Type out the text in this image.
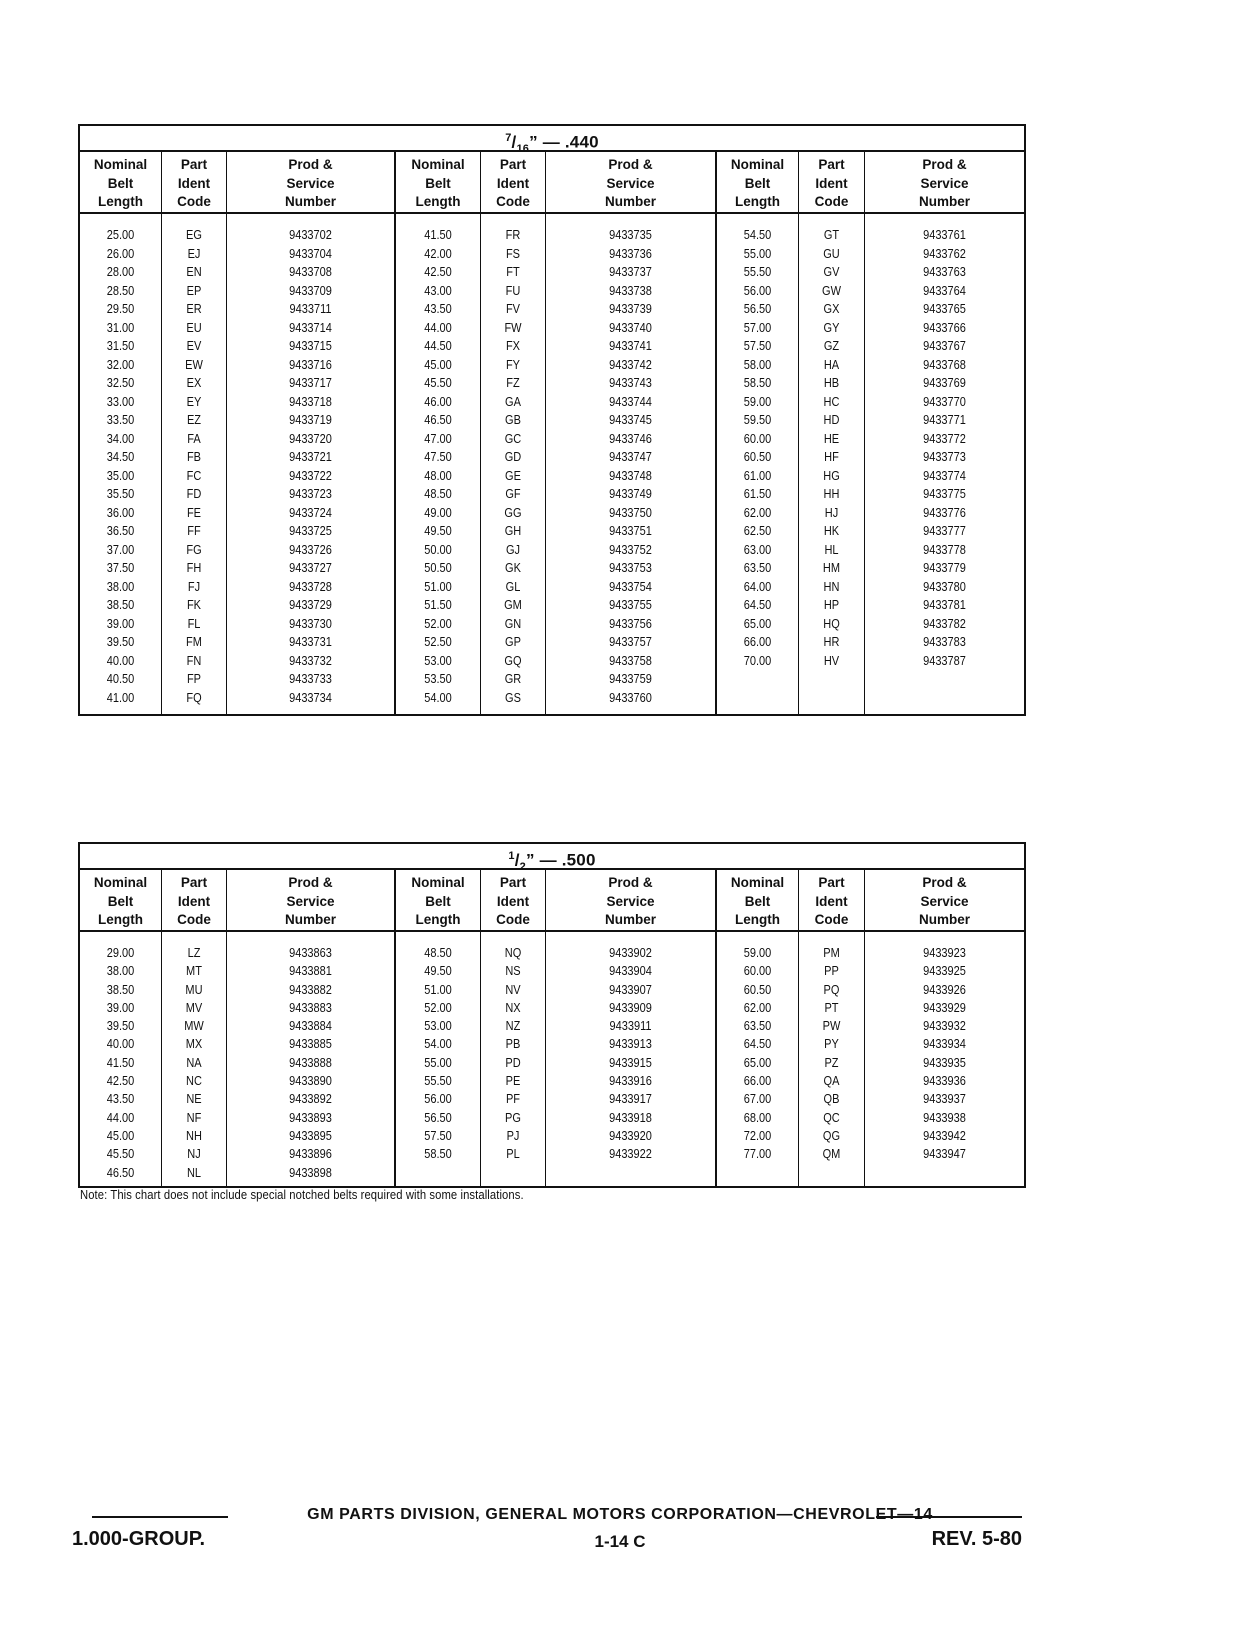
$^7/_{16}$” — .440
Nominal
Belt
Length
25.00
26.00
28.00
28.50
29.50
31.00
31.50
32.00
32.50
33.00
33.50
34.00
34.50
35.00
35.50
36.00
36.50
37.00
37.50
38.00
38.50
39.00
39.50
40.00
40.50
41.00
Part
Ident
Code
EG
EJ
EN
EP
ER
EU
EV
EW
EX
EY
EZ
FA
FB
FC
FD
FE
FF
FG
FH
FJ
FK
FL
FM
FN
FP
FQ
Prod &
Service
Number
9433702
9433704
9433708
9433709
9433711
9433714
9433715
9433716
9433717
9433718
9433719
9433720
9433721
9433722
9433723
9433724
9433725
9433726
9433727
9433728
9433729
9433730
9433731
9433732
9433733
9433734
Nominal
Belt
Length
41.50
42.00
42.50
43.00
43.50
44.00
44.50
45.00
45.50
46.00
46.50
47.00
47.50
48.00
48.50
49.00
49.50
50.00
50.50
51.00
51.50
52.00
52.50
53.00
53.50
54.00
Part
Ident
Code
FR
FS
FT
FU
FV
FW
FX
FY
FZ
GA
GB
GC
GD
GE
GF
GG
GH
GJ
GK
GL
GM
GN
GP
GQ
GR
GS
Prod &
Service
Number
9433735
9433736
9433737
9433738
9433739
9433740
9433741
9433742
9433743
9433744
9433745
9433746
9433747
9433748
9433749
9433750
9433751
9433752
9433753
9433754
9433755
9433756
9433757
9433758
9433759
9433760
Nominal
Belt
Length
54.50
55.00
55.50
56.00
56.50
57.00
57.50
58.00
58.50
59.00
59.50
60.00
60.50
61.00
61.50
62.00
62.50
63.00
63.50
64.00
64.50
65.00
66.00
70.00
Part
Ident
Code
GT
GU
GV
GW
GX
GY
GZ
HA
HB
HC
HD
HE
HF
HG
HH
HJ
HK
HL
HM
HN
HP
HQ
HR
HV
Prod &
Service
Number
9433761
9433762
9433763
9433764
9433765
9433766
9433767
9433768
9433769
9433770
9433771
9433772
9433773
9433774
9433775
9433776
9433777
9433778
9433779
9433780
9433781
9433782
9433783
9433787
$^1/_2$” — .500
Nominal
Belt
Length
29.00
38.00
38.50
39.00
39.50
40.00
41.50
42.50
43.50
44.00
45.00
45.50
46.50
Part
Ident
Code
LZ
MT
MU
MV
MW
MX
NA
NC
NE
NF
NH
NJ
NL
Prod &
Service
Number
9433863
9433881
9433882
9433883
9433884
9433885
9433888
9433890
9433892
9433893
9433895
9433896
9433898
Nominal
Belt
Length
48.50
49.50
51.00
52.00
53.00
54.00
55.00
55.50
56.00
56.50
57.50
58.50
Part
Ident
Code
NQ
NS
NV
NX
NZ
PB
PD
PE
PF
PG
PJ
PL
Prod &
Service
Number
9433902
9433904
9433907
9433909
9433911
9433913
9433915
9433916
9433917
9433918
9433920
9433922
Nominal
Belt
Length
59.00
60.00
60.50
62.00
63.50
64.50
65.00
66.00
67.00
68.00
72.00
77.00
Part
Ident
Code
PM
PP
PQ
PT
PW
PY
PZ
QA
QB
QC
QG
QM
Prod &
Service
Number
9433923
9433925
9433926
9433929
9433932
9433934
9433935
9433936
9433937
9433938
9433942
9433947
Note: This chart does not include special notched belts required with some installations.
GM PARTS DIVISION, GENERAL MOTORS CORPORATION—CHEVROLET—14
1.000-GROUP.	1-14 C	REV. 5-80
